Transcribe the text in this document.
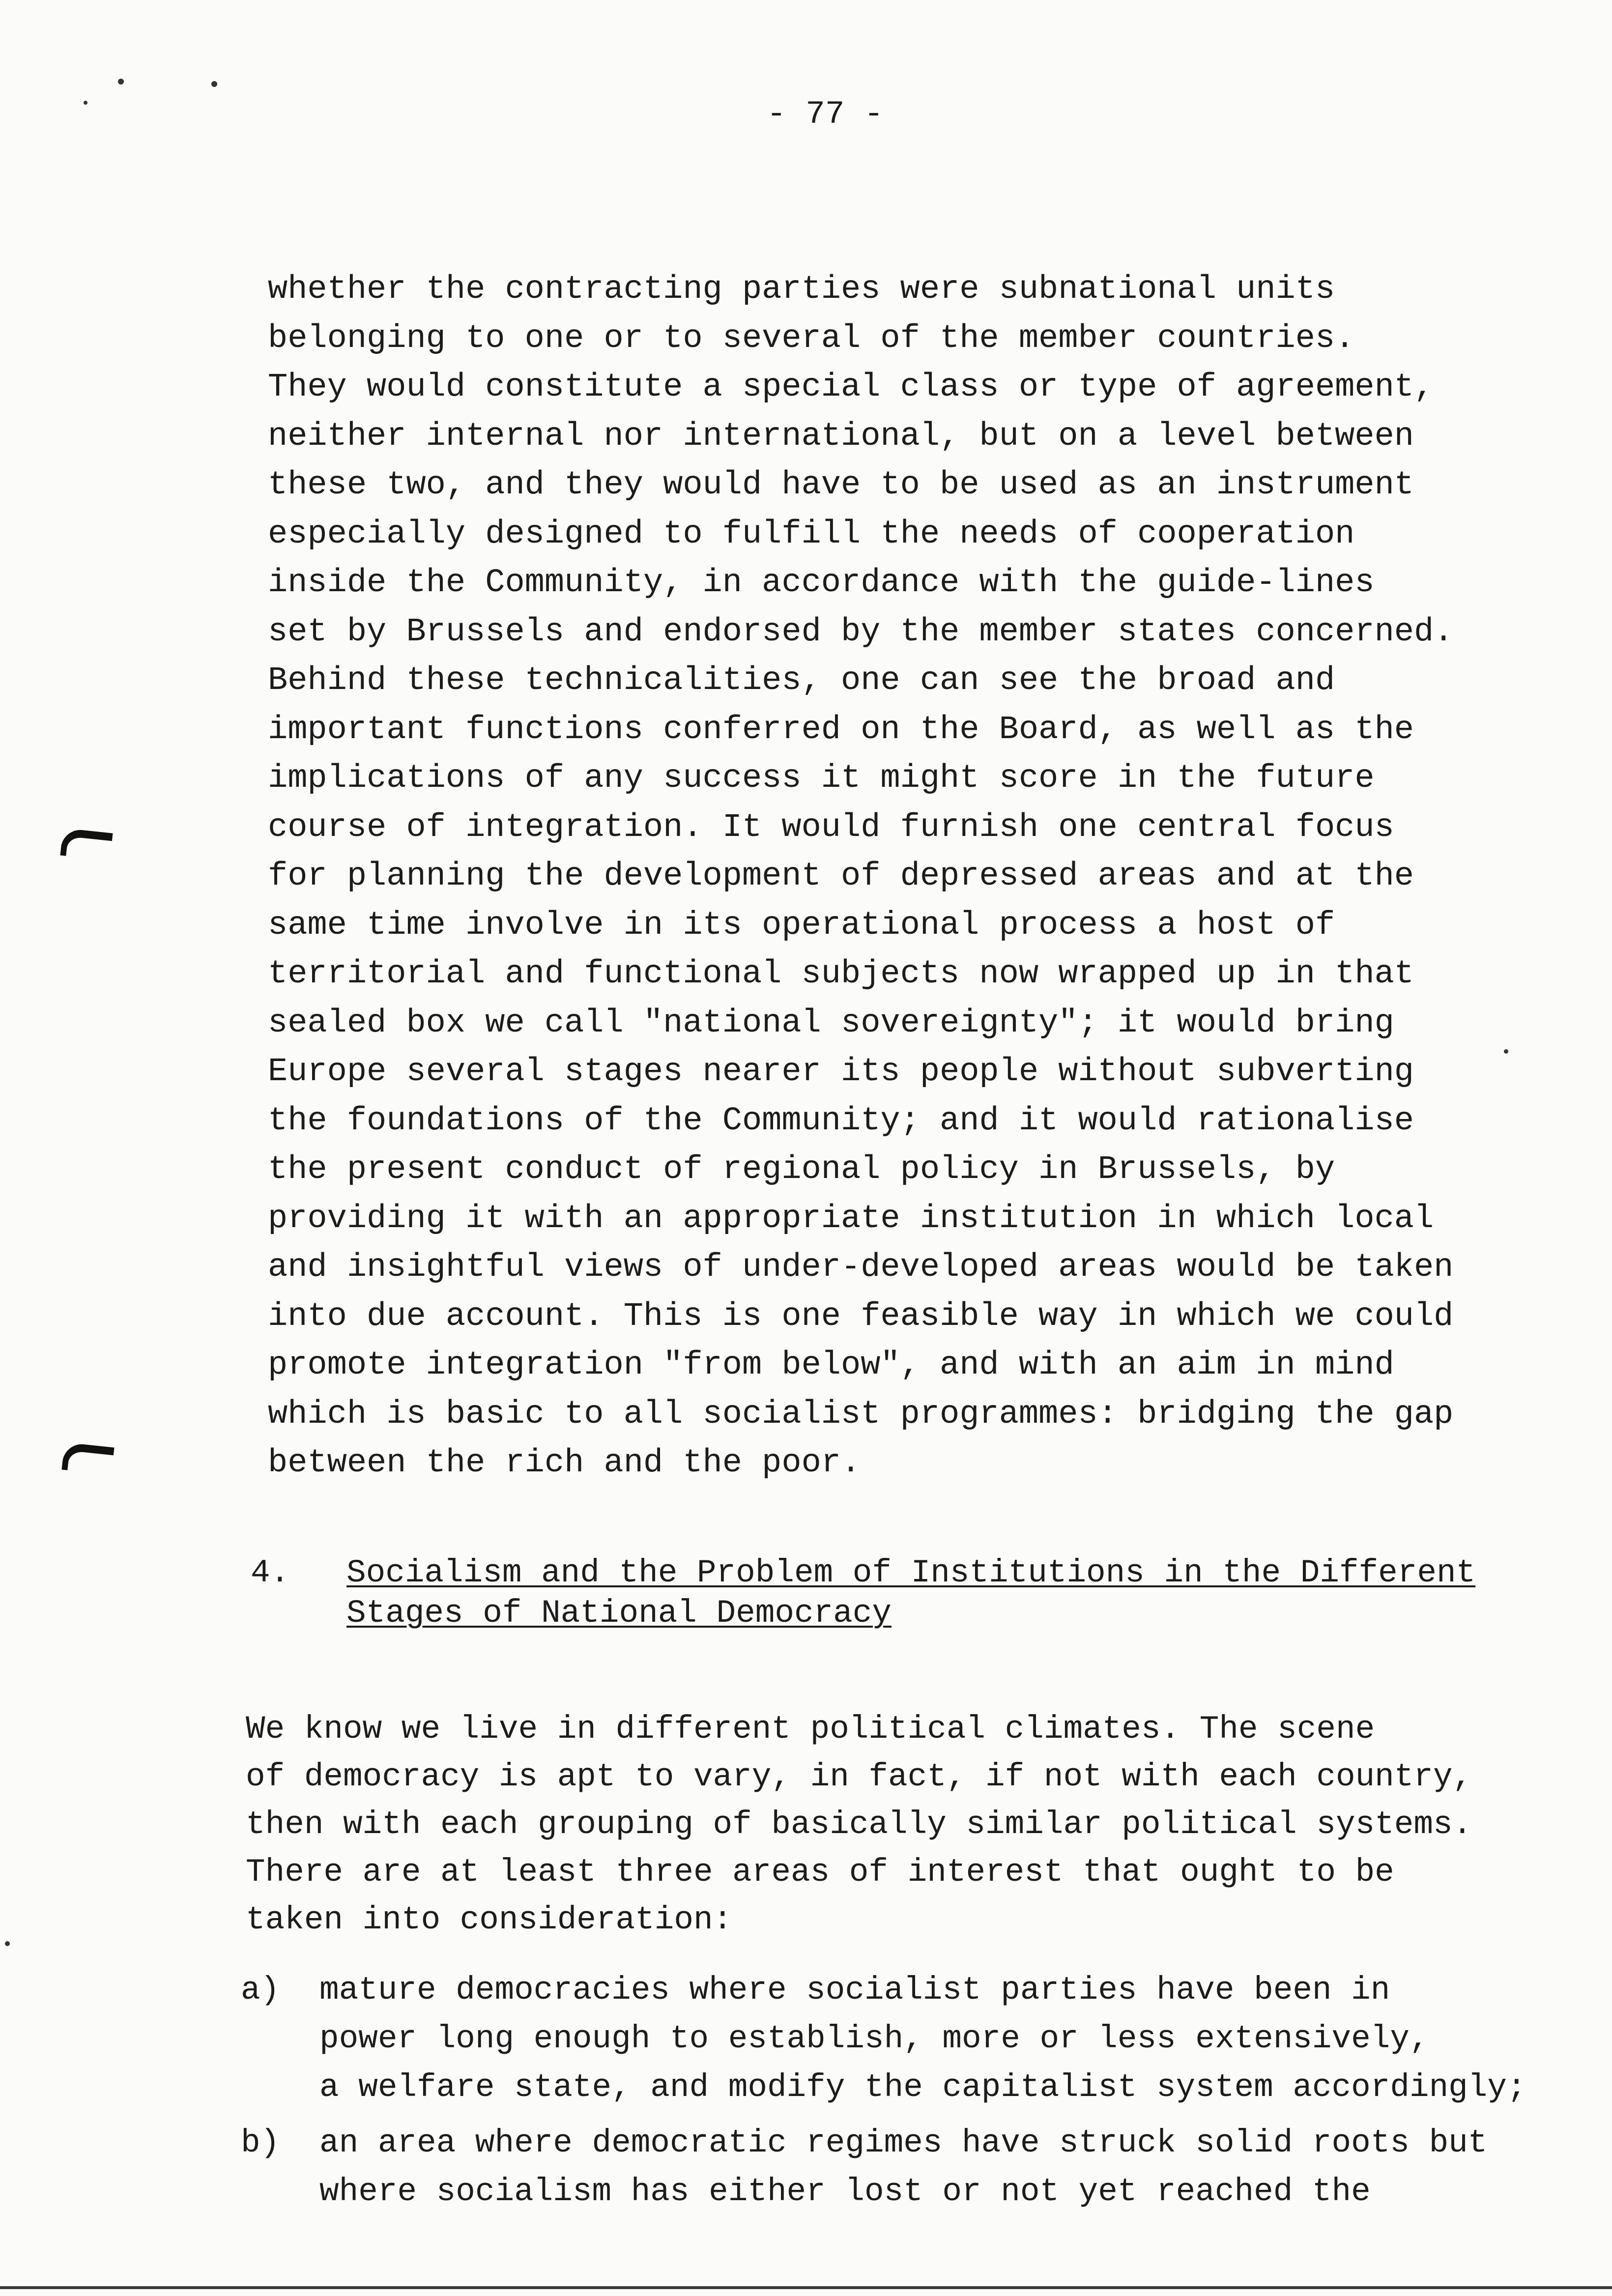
- 77 -
whether the contracting parties were subnational units
belonging to one or to several of the member countries.
They would constitute a special class or type of agreement,
neither internal nor international, but on a level between
these two, and they would have to be used as an instrument
especially designed to fulfill the needs of cooperation
inside the Community, in accordance with the guide-lines
set by Brussels and endorsed by the member states concerned.
Behind these technicalities, one can see the broad and
important functions conferred on the Board, as well as the
implications of any success it might score in the future
course of integration. It would furnish one central focus
for planning the development of depressed areas and at the
same time involve in its operational process a host of
territorial and functional subjects now wrapped up in that
sealed box we call "national sovereignty"; it would bring
Europe several stages nearer its people without subverting
the foundations of the Community; and it would rationalise
the present conduct of regional policy in Brussels, by
providing it with an appropriate institution in which local
and insightful views of under-developed areas would be taken
into due account. This is one feasible way in which we could
promote integration "from below", and with an aim in mind
which is basic to all socialist programmes: bridging the gap
between the rich and the poor.
4. Socialism and the Problem of Institutions in the Different
Stages of National Democracy
We know we live in different political climates. The scene
of democracy is apt to vary, in fact, if not with each country,
then with each grouping of basically similar political systems.
There are at least three areas of interest that ought to be
taken into consideration:
a) mature democracies where socialist parties have been in
power long enough to establish, more or less extensively,
a welfare state, and modify the capitalist system accordingly;
b) an area where democratic regimes have struck solid roots but
where socialism has either lost or not yet reached the
